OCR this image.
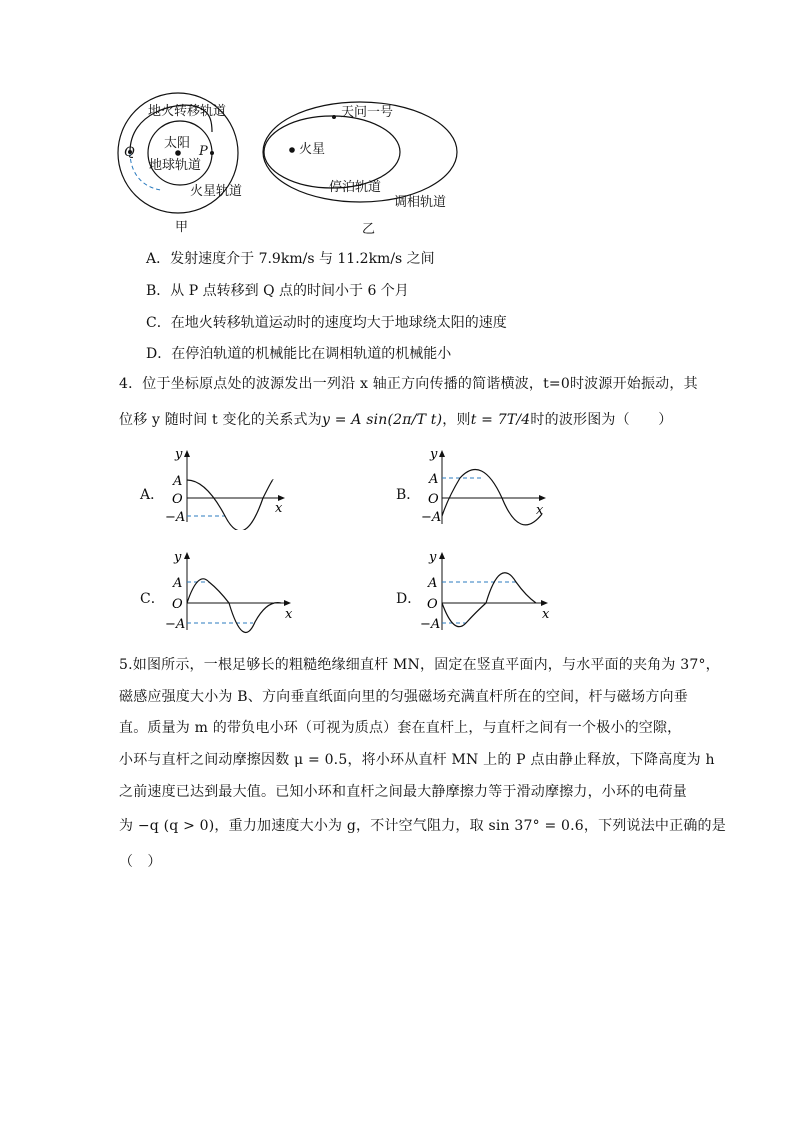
地火转移轨道
太阳
P
Q
地球轨道
火星轨道
甲
天问一号
火星
停泊轨道
调相轨道
乙
A．发射速度介于 7.9km/s 与 11.2km/s 之间
B．从 P 点转移到 Q 点的时间小于 6 个月
C．在地火转移轨道运动时的速度均大于地球绕太阳的速度
D．在停泊轨道的机械能比在调相轨道的机械能小
4．位于坐标原点处的波源发出一列沿 x 轴正方向传播的简谐横波，t=0时波源开始振动，其
位移 y 随时间 t 变化的关系式为y = A sin(2π/T t)，则t = 7T/4时的波形图为（　　）
A．
y
A
O
−A
x
B．
y
A
O
−A	x
C．
y
A
O
−A
x
D．
y
A
O
−A
x
5.如图所示，一根足够长的粗糙绝缘细直杆 MN，固定在竖直平面内，与水平面的夹角为 37°，
磁感应强度大小为 B、方向垂直纸面向里的匀强磁场充满直杆所在的空间，杆与磁场方向垂
直。质量为 m 的带负电小环（可视为质点）套在直杆上，与直杆之间有一个极小的空隙，
小环与直杆之间动摩擦因数 μ = 0.5，将小环从直杆 MN 上的 P 点由静止释放，下降高度为 h
之前速度已达到最大值。已知小环和直杆之间最大静摩擦力等于滑动摩擦力，小环的电荷量
为 −q (q > 0)，重力加速度大小为 g，不计空气阻力，取 sin 37° = 0.6，下列说法中正确的是
（　）
